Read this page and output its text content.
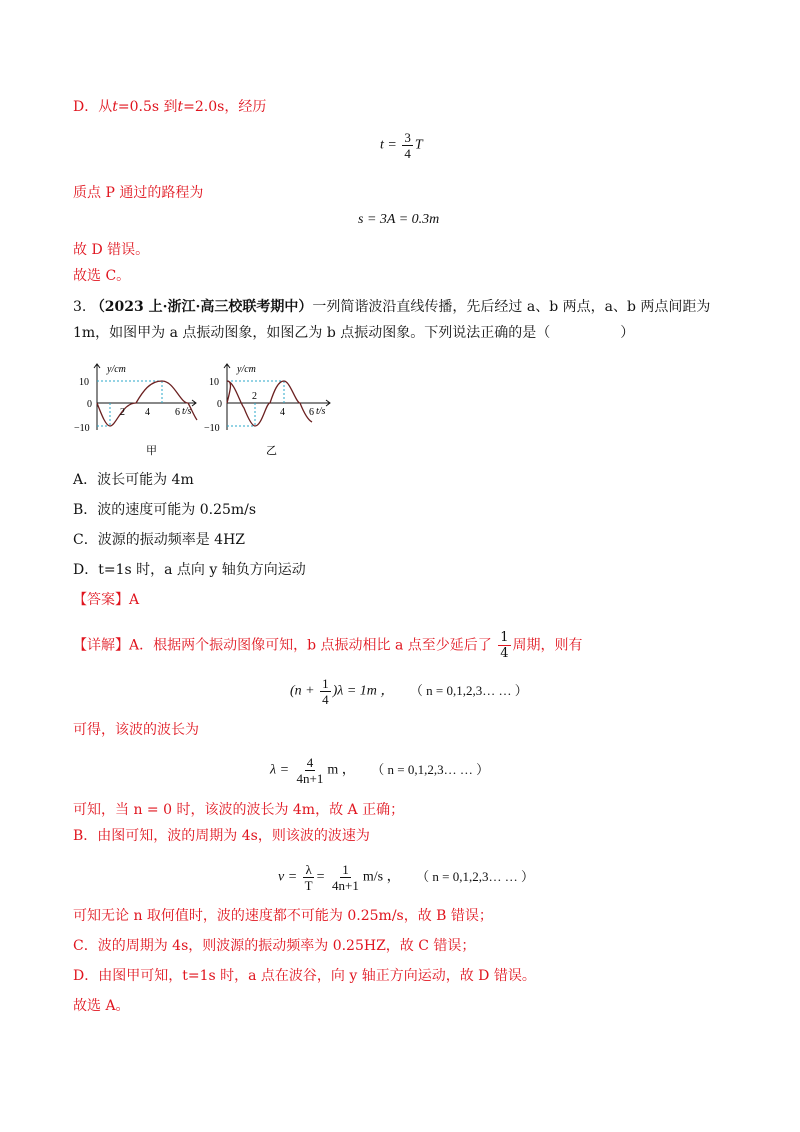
D．从t=0.5s 到t=2.0s，经历
$t = \frac{3}{4}$ T
质点 P 通过的路程为
s = 3A = 0.3m
故 D 错误。
故选 C。
3. （2023 上·浙江·高三校联考期中）一列简谐波沿直线传播，先后经过 a、b 两点，a、b 两点间距为
1m，如图甲为 a 点振动图象，如图乙为 b 点振动图象。下列说法正确的是（　　　　　）
y/cm
10
0
−10
2 4	6 t/s
甲
y/cm
10
0
−10
2
4 6 t/s
乙
A．波长可能为 4m
B．波的速度可能为 0.25m/s
C．波源的振动频率是 4HZ
D．t=1s 时，a 点向 y 轴负方向运动
【答案】A
【详解】A．根据两个振动图像可知，b 点振动相比 a 点至少延后了 $\frac{1}{4}$ 周期，则有
$(n + \frac{1}{4} )\lambda = 1m$ ， （ n = 0,1,2,3… … ）
可得，该波的波长为
$\lambda = \frac{4}{4n+1}$ m ， （ n = 0,1,2,3… … ）
可知，当 n = 0 时，该波的波长为 4m，故 A 正确；
B．由图可知，波的周期为 4s，则该波的波速为
$v = \frac{\lambda}{T} = \frac{1}{4n+1} m/s$ ， （ n = 0,1,2,3… … ）
可知无论 n 取何值时，波的速度都不可能为 0.25m/s，故 B 错误；
C．波的周期为 4s，则波源的振动频率为 0.25HZ，故 C 错误；
D．由图甲可知，t=1s 时，a 点在波谷，向 y 轴正方向运动，故 D 错误。
故选 A。
